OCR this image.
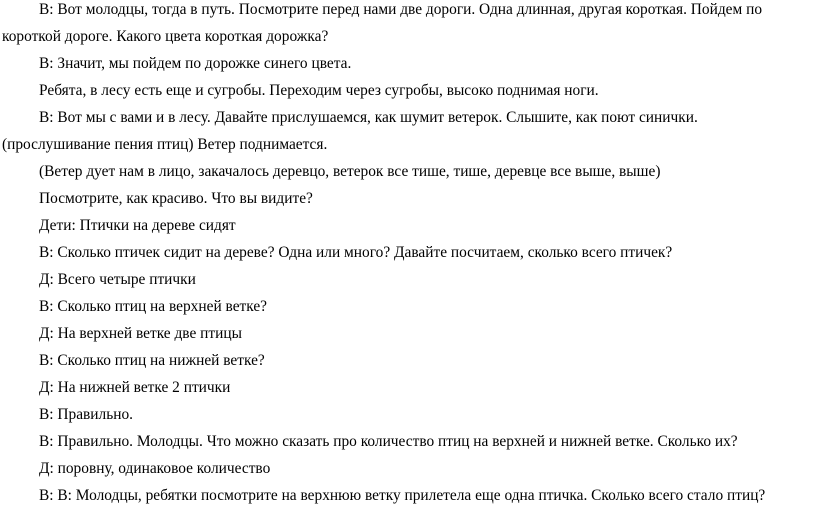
В: Вот молодцы, тогда в путь. Посмотрите перед нами две дороги. Одна длинная, другая короткая. Пойдем по
короткой дороге. Какого цвета короткая дорожка?
В: Значит, мы пойдем по дорожке синего цвета.
Ребята, в лесу есть еще и сугробы. Переходим через сугробы, высоко поднимая ноги.
В: Вот мы с вами и в лесу. Давайте прислушаемся, как шумит ветерок. Слышите, как поют синички.
(прослушивание пения птиц) Ветер поднимается.
(Ветер дует нам в лицо, закачалось деревцо, ветерок все тише, тише, деревце все выше, выше)
Посмотрите, как красиво. Что вы видите?
Дети: Птички на дереве сидят
В: Сколько птичек сидит на дереве? Одна или много? Давайте посчитаем, сколько всего птичек?
Д: Всего четыре птички
В: Сколько птиц на верхней ветке?
Д: На верхней ветке две птицы
В: Сколько птиц на нижней ветке?
Д: На нижней ветке 2 птички
В: Правильно.
В: Правильно. Молодцы. Что можно сказать про количество птиц на верхней и нижней ветке. Сколько их?
Д: поровну, одинаковое количество
В: В: Молодцы, ребятки посмотрите на верхнюю ветку прилетела еще одна птичка. Сколько всего стало птиц?
